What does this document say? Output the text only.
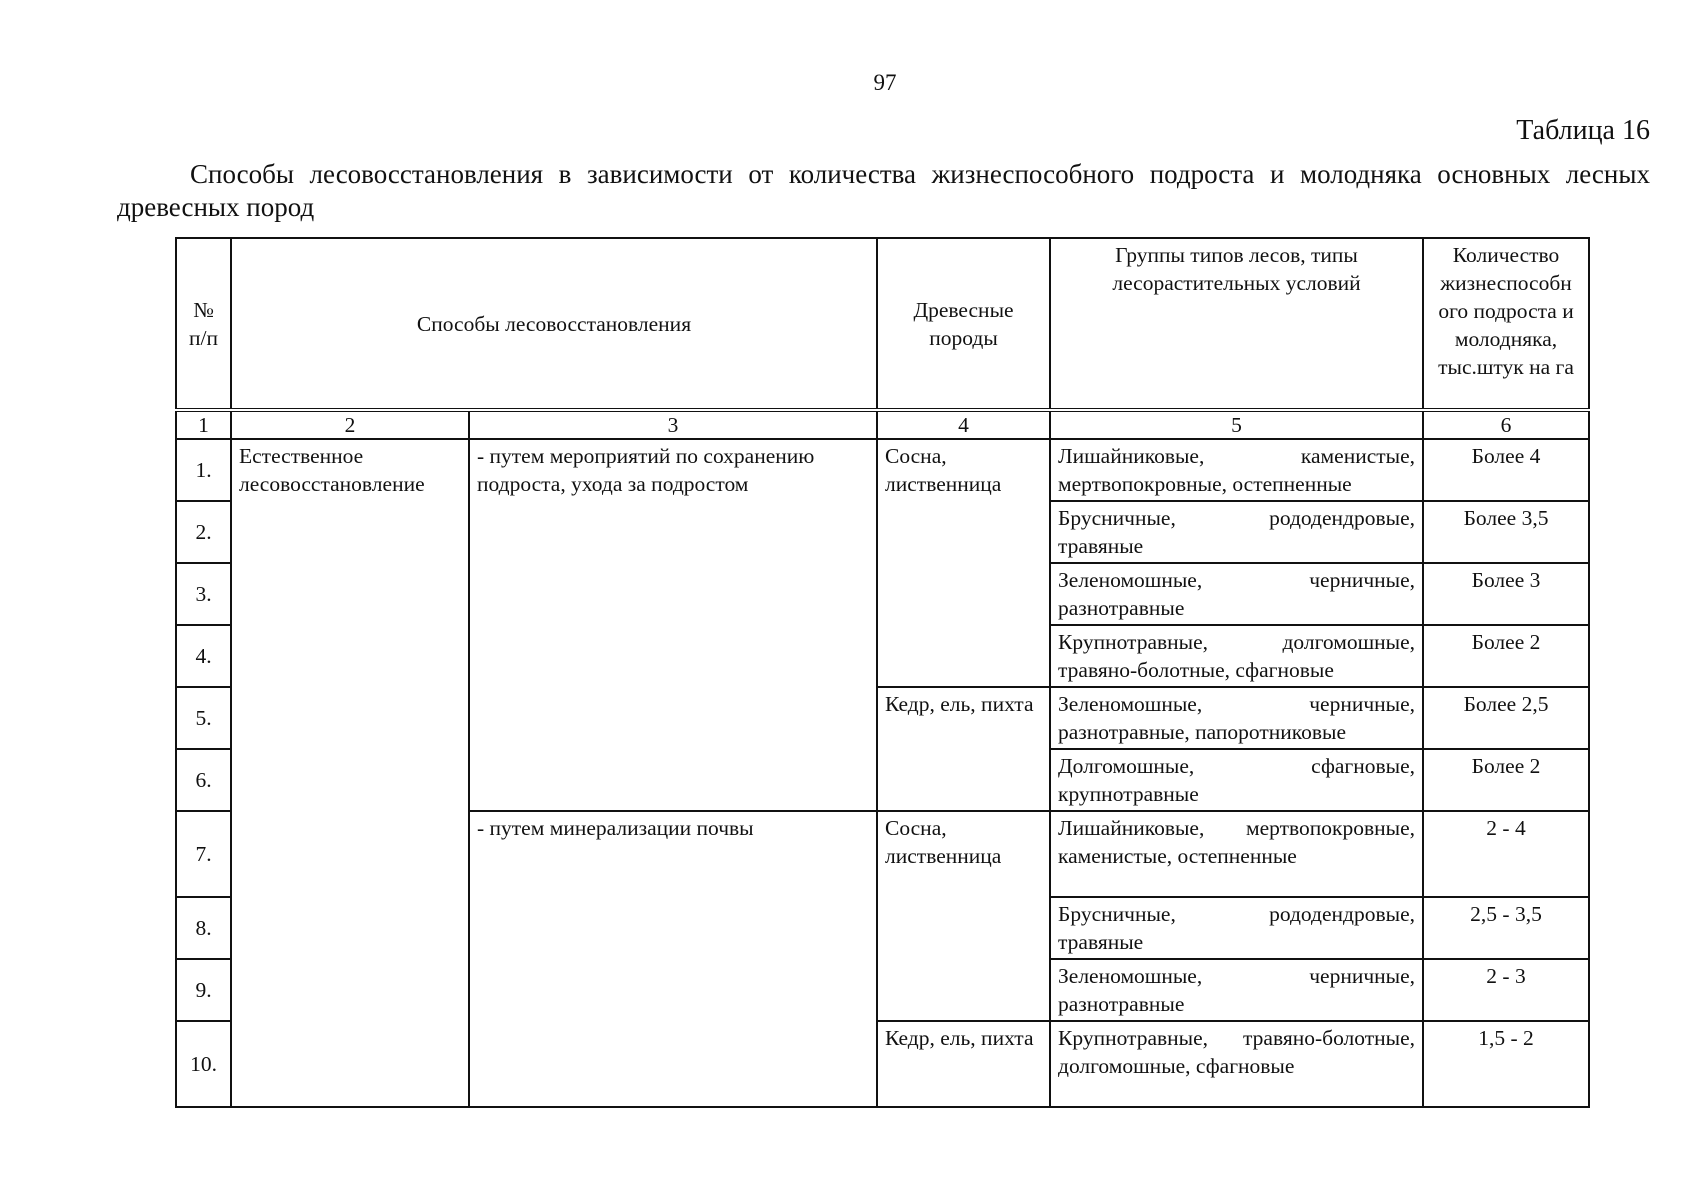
97
Таблица 16
Способы лесовосстановления в зависимости от количества жизнеспособного подроста и молодняка основных лесных древесных пород
№ п/п	Способы лесовосстановления		Древесные породы	Группы типов лесов, типы лесорастительных условий	Количество жизнеспособн ого подроста и молодняка, тыс.штук на га
1	2	3	4	5	6
1.	Естественное лесовосстановление	- путем мероприятий по сохранению подроста, ухода за подростом	Сосна, лиственница	Лишайниковые, каменистые, мертвопокровные, остепненные	Более 4
2.				Брусничные, рододендровые, травяные	Более 3,5
3.				Зеленомошные, черничные, разнотравные	Более 3
4.				Крупнотравные, долгомошные, травяно-болотные, сфагновые	Более 2
5.			Кедр, ель, пихта	Зеленомошные, черничные, разнотравные, папоротниковые	Более 2,5
6.				Долгомошные, сфагновые, крупнотравные	Более 2
7.		- путем минерализации почвы	Сосна, лиственница	Лишайниковые, мертвопокровные, каменистые, остепненные	2 - 4
8.				Брусничные, рододендровые, травяные	2,5 - 3,5
9.				Зеленомошные, черничные, разнотравные	2 - 3
10.			Кедр, ель, пихта	Крупнотравные, травяно-болотные, долгомошные, сфагновые	1,5 - 2
